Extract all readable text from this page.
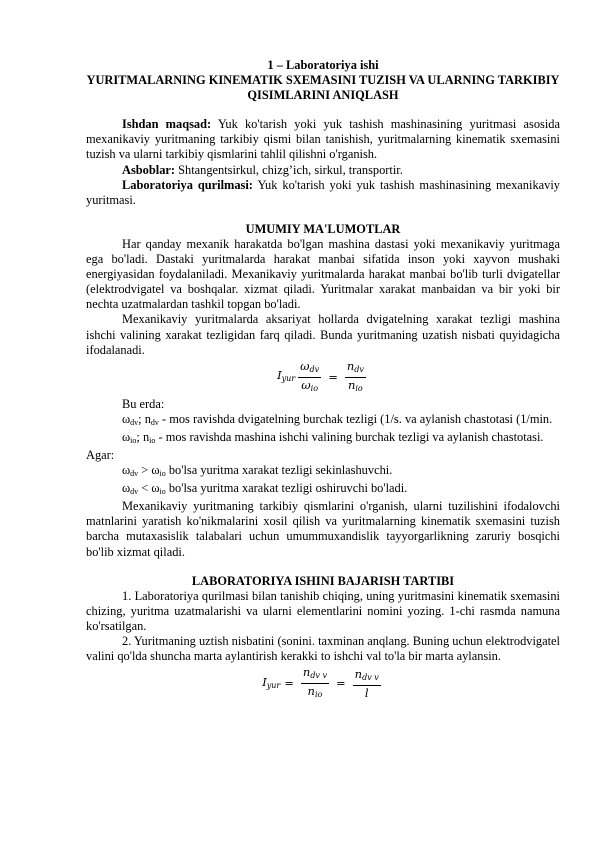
1 – Laboratoriya ishi

YURITMALARNING KINEMATIK SXEMASINI TUZISH VA ULARNING TARKIBIY QISIMLARINI ANIQLASH

Ishdan maqsad: Yuk ko'tarish yoki yuk tashish mashinasining yuritmasi asosida mexanikaviy yuritmaning tarkibiy qismi bilan tanishish, yuritmalarning kinematik sxemasini tuzish va ularni tarkibiy qismlarini tahlil qilishni o'rganish.

Asboblar: Shtangentsirkul, chizg’ich, sirkul, transportir.

Laboratoriya qurilmasi: Yuk ko'tarish yoki yuk tashish mashinasining mexanikaviy yuritmasi.

UMUMIY MA'LUMOTLAR

Har qanday mexanik harakatda bo'lgan mashina dastasi yoki mexanikaviy yuritmaga ega bo'ladi. Dastaki yuritmalarda harakat manbai sifatida inson yoki xayvon mushaki energiyasidan foydalaniladi. Mexanikaviy yuritmalarda harakat manbai bo'lib turli dvigatellar (elektrodvigatel va boshqalar. xizmat qiladi. Yuritmalar xarakat manbaidan va bir yoki bir nechta uzatmalardan tashkil topgan bo'ladi.

Mexanikaviy yuritmalarda aksariyat hollarda dvigatelning xarakat tezligi mashina ishchi valining xarakat tezligidan farq qiladi. Bunda yuritmaning uzatish nisbati quyidagicha ifodalanadi.

$I_{yur} \frac{\omega_{dv}}{\omega_{io}} = \frac{n_{dv}}{n_{io}}$

Bu erda:

$\omega_{dv}$; $n_{dv}$ - mos ravishda dvigatelning burchak tezligi (1/s. va aylanish chastotasi (1/min.

$\omega_{io}$; $n_{io}$ - mos ravishda mashina ishchi valining burchak tezligi va aylanish chastotasi.

Agar:

$\omega_{dv} > \omega_{io}$ bo'lsa yuritma xarakat tezligi sekinlashuvchi.

$\omega_{dv} < \omega_{io}$ bo'lsa yuritma xarakat tezligi oshiruvchi bo'ladi.

Mexanikaviy yuritmaning tarkibiy qismlarini o'rganish, ularni tuzilishini ifodalovchi matnlarini yaratish ko'nikmalarini xosil qilish va yuritmalarning kinematik sxemasini tuzish barcha mutaxasislik talabalari uchun umummuxandislik tayyorgarlikning zaruriy bosqichi bo'lib xizmat qiladi.

LABORATORIYA ISHINI BAJARISH TARTIBI

1. Laboratoriya qurilmasi bilan tanishib chiqing, uning yuritmasini kinematik sxemasini chizing, yuritma uzatmalarishi va ularni elementlarini nomini yozing. 1-chi rasmda namuna ko'rsatilgan.

2. Yuritmaning uztish nisbatini (sonini. taxminan anqlang. Buning uchun elektrodvigatel valini qo'lda shuncha marta aylantirish kerakki to ishchi val to'la bir marta aylansin.

$I_{yur} = \frac{n_{dv v}}{n_{io}} = \frac{n_{dv v}}{l}$
